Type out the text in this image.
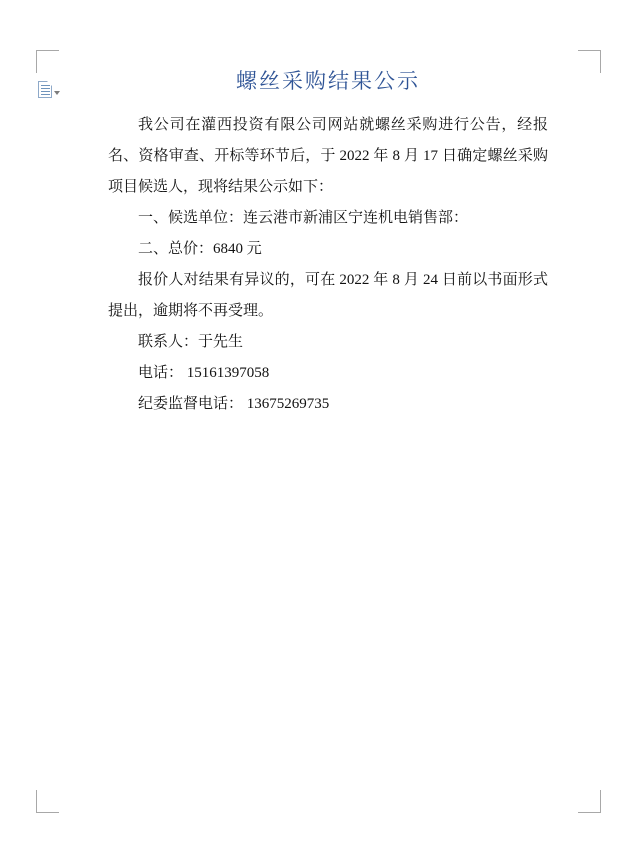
螺丝采购结果公示

我公司在灌西投资有限公司网站就螺丝采购进行公告，经报名、资格审查、开标等环节后，于 2022 年 8 月 17 日确定螺丝采购项目候选人，现将结果公示如下：

一、候选单位：连云港市新浦区宁连机电销售部：

二、总价：6840 元

报价人对结果有异议的，可在 2022 年 8 月 24 日前以书面形式提出，逾期将不再受理。

联系人：于先生

电话： 15161397058

纪委监督电话： 13675269735
